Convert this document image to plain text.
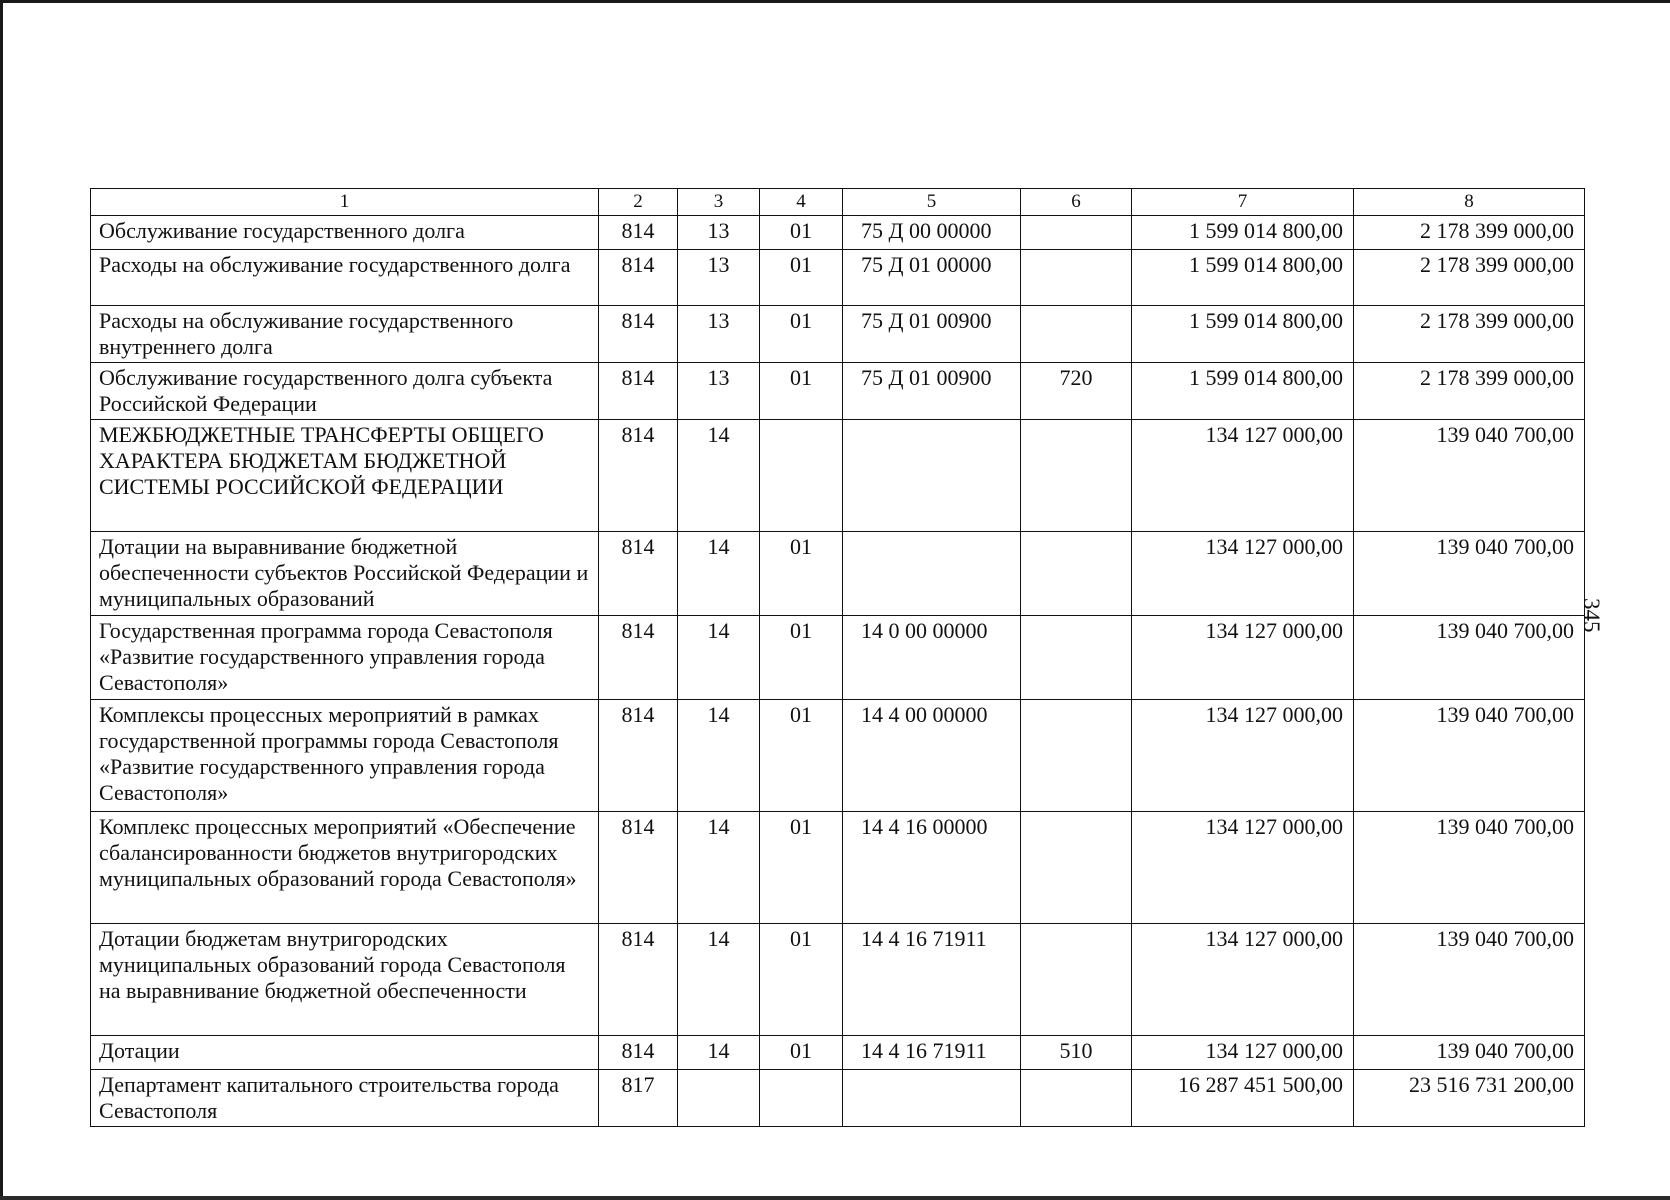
345
1	2	3	4	5	6	7	8
Обслуживание государственного долга	814	13	01	75 Д 00 00000		1 599 014 800,00	2 178 399 000,00
Расходы на обслуживание государственного долга	814	13	01	75 Д 01 00000		1 599 014 800,00	2 178 399 000,00
Расходы на обслуживание государственного внутреннего долга	814	13	01	75 Д 01 00900		1 599 014 800,00	2 178 399 000,00
Обслуживание государственного долга субъекта Российской Федерации	814	13	01	75 Д 01 00900	720	1 599 014 800,00	2 178 399 000,00
МЕЖБЮДЖЕТНЫЕ ТРАНСФЕРТЫ ОБЩЕГО ХАРАКТЕРА БЮДЖЕТАМ БЮДЖЕТНОЙ СИСТЕМЫ РОССИЙСКОЙ ФЕДЕРАЦИИ	814	14				134 127 000,00	139 040 700,00
Дотации на выравнивание бюджетной обеспеченности субъектов Российской Федерации и муниципальных образований	814	14	01			134 127 000,00	139 040 700,00
Государственная программа города Севастополя «Развитие государственного управления города Севастополя»	814	14	01	14 0 00 00000		134 127 000,00	139 040 700,00
Комплексы процессных мероприятий в рамках государственной программы города Севастополя «Развитие государственного управления города Севастополя»	814	14	01	14 4 00 00000		134 127 000,00	139 040 700,00
Комплекс процессных мероприятий «Обеспечение сбалансированности бюджетов внутригородских муниципальных образований города Севастополя»	814	14	01	14 4 16 00000		134 127 000,00	139 040 700,00
Дотации бюджетам внутригородских муниципальных образований города Севастополя на выравнивание бюджетной обеспеченности	814	14	01	14 4 16 71911		134 127 000,00	139 040 700,00
Дотации	814	14	01	14 4 16 71911	510	134 127 000,00	139 040 700,00
Департамент капитального строительства города Севастополя	817					16 287 451 500,00	23 516 731 200,00
